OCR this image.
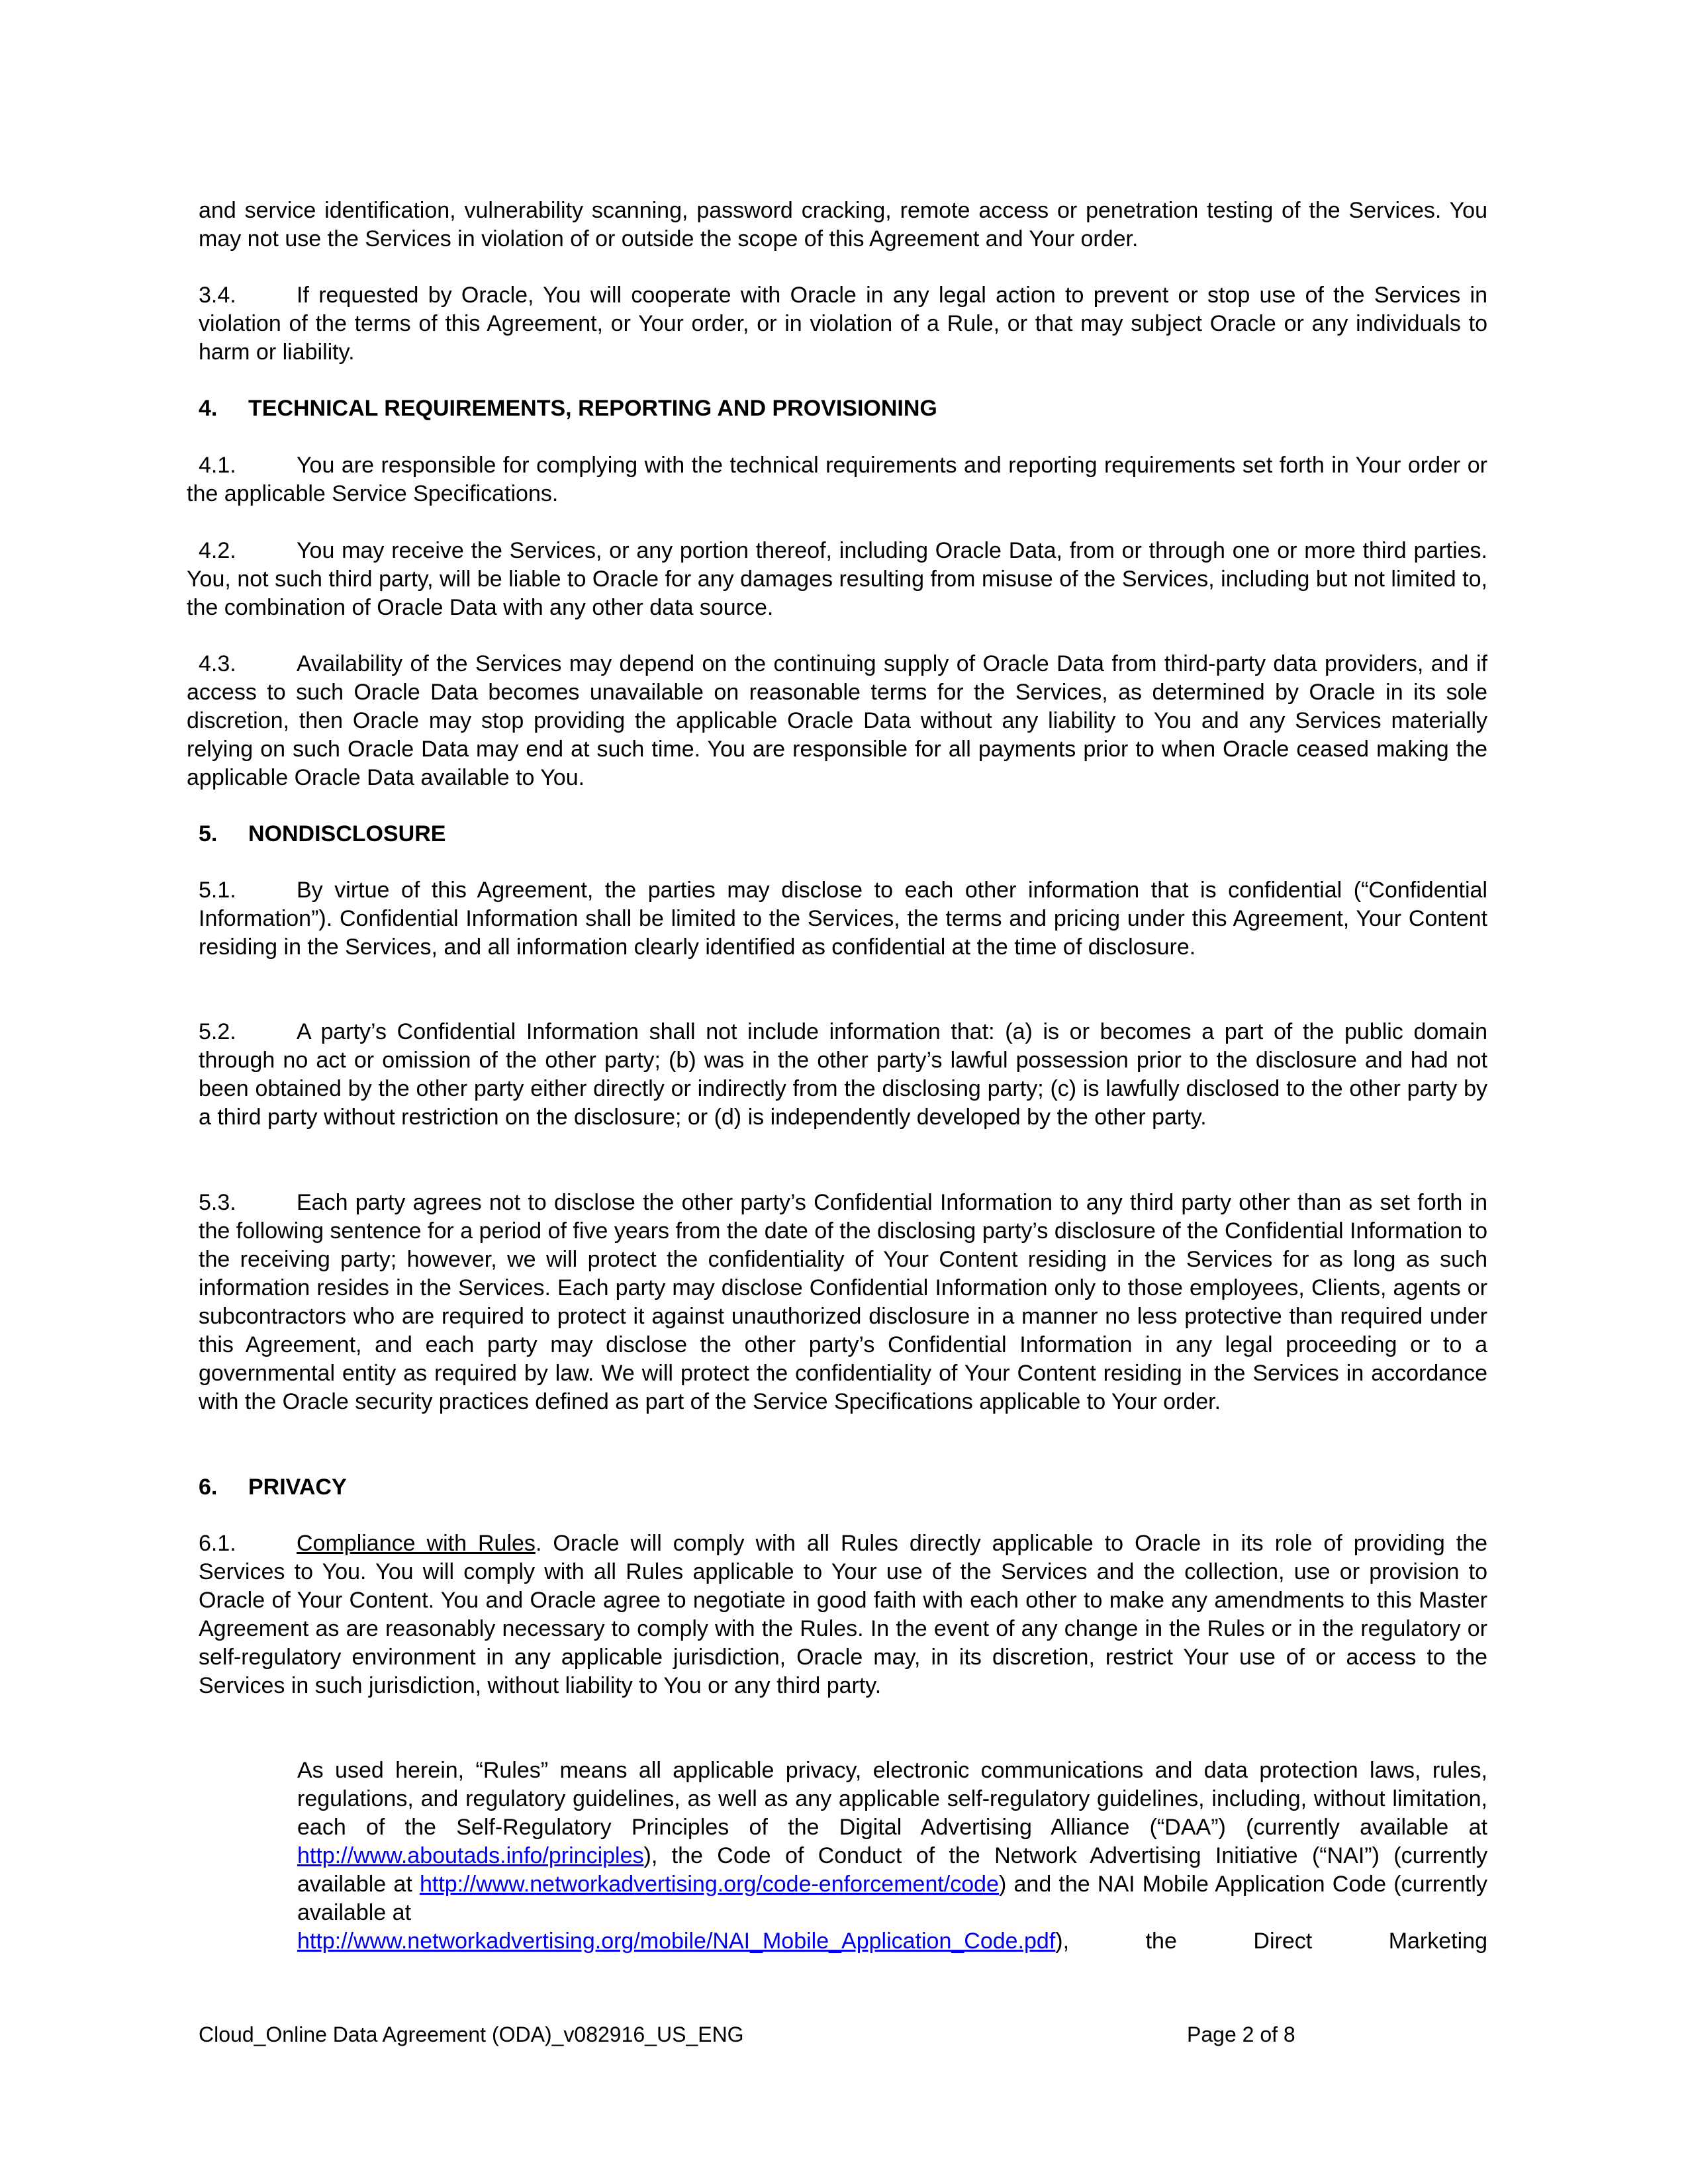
and service identification, vulnerability scanning, password cracking, remote access or penetration testing of the Services. You may not use the Services in violation of or outside the scope of this Agreement and Your order.

3.4.	If requested by Oracle, You will cooperate with Oracle in any legal action to prevent or stop use of the Services in violation of the terms of this Agreement, or Your order, or in violation of a Rule, or that may subject Oracle or any individuals to harm or liability.

4. TECHNICAL REQUIREMENTS, REPORTING AND PROVISIONING

4.1.	You are responsible for complying with the technical requirements and reporting requirements set forth in Your order or the applicable Service Specifications.

4.2.	You may receive the Services, or any portion thereof, including Oracle Data, from or through one or more third parties. You, not such third party, will be liable to Oracle for any damages resulting from misuse of the Services, including but not limited to, the combination of Oracle Data with any other data source.

4.3.	Availability of the Services may depend on the continuing supply of Oracle Data from third-party data providers, and if access to such Oracle Data becomes unavailable on reasonable terms for the Services, as determined by Oracle in its sole discretion, then Oracle may stop providing the applicable Oracle Data without any liability to You and any Services materially relying on such Oracle Data may end at such time. You are responsible for all payments prior to when Oracle ceased making the applicable Oracle Data available to You.

5. NONDISCLOSURE

5.1.	By virtue of this Agreement, the parties may disclose to each other information that is confidential (“Confidential Information”). Confidential Information shall be limited to the Services, the terms and pricing under this Agreement, Your Content residing in the Services, and all information clearly identified as confidential at the time of disclosure.

5.2.	A party’s Confidential Information shall not include information that: (a) is or becomes a part of the public domain through no act or omission of the other party; (b) was in the other party’s lawful possession prior to the disclosure and had not been obtained by the other party either directly or indirectly from the disclosing party; (c) is lawfully disclosed to the other party by a third party without restriction on the disclosure; or (d) is independently developed by the other party.

5.3.	Each party agrees not to disclose the other party’s Confidential Information to any third party other than as set forth in the following sentence for a period of five years from the date of the disclosing party’s disclosure of the Confidential Information to the receiving party; however, we will protect the confidentiality of Your Content residing in the Services for as long as such information resides in the Services. Each party may disclose Confidential Information only to those employees, Clients, agents or subcontractors who are required to protect it against unauthorized disclosure in a manner no less protective than required under this Agreement, and each party may disclose the other party’s Confidential Information in any legal proceeding or to a governmental entity as required by law. We will protect the confidentiality of Your Content residing in the Services in accordance with the Oracle security practices defined as part of the Service Specifications applicable to Your order.

6. PRIVACY

6.1.	Compliance with Rules. Oracle will comply with all Rules directly applicable to Oracle in its role of providing the Services to You. You will comply with all Rules applicable to Your use of the Services and the collection, use or provision to Oracle of Your Content. You and Oracle agree to negotiate in good faith with each other to make any amendments to this Master Agreement as are reasonably necessary to comply with the Rules. In the event of any change in the Rules or in the regulatory or self-regulatory environment in any applicable jurisdiction, Oracle may, in its discretion, restrict Your use of or access to the Services in such jurisdiction, without liability to You or any third party.

As used herein, “Rules” means all applicable privacy, electronic communications and data protection laws, rules, regulations, and regulatory guidelines, as well as any applicable self-regulatory guidelines, including, without limitation, each of the Self-Regulatory Principles of the Digital Advertising Alliance (“DAA”) (currently available at http://www.aboutads.info/principles), the Code of Conduct of the Network Advertising Initiative (“NAI”) (currently available at http://www.networkadvertising.org/code-enforcement/code) and the NAI Mobile Application Code (currently available at
http://www.networkadvertising.org/mobile/NAI_Mobile_Application_Code.pdf), the Direct Marketing
Cloud_Online Data Agreement (ODA)_v082916_US_ENG	Page 2 of 8
